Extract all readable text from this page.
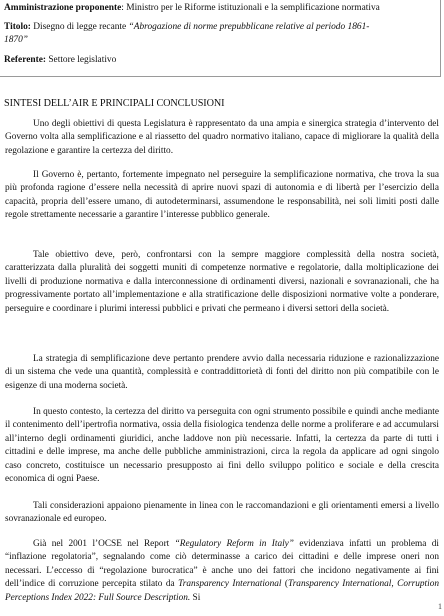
Amministrazione proponente: Ministro per le Riforme istituzionali e la semplificazione normativa

Titolo: Disegno di legge recante “Abrogazione di norme prepubblicane relative al periodo 1861-

1870”

Referente: Settore legislativo

SINTESI DELL’AIR E PRINCIPALI CONCLUSIONI

Uno degli obiettivi di questa Legislatura è rappresentato da una ampia e sinergica strategia d’intervento del Governo volta alla semplificazione e al riassetto del quadro normativo italiano, capace di migliorare la qualità della regolazione e garantire la certezza del diritto.

Il Governo è, pertanto, fortemente impegnato nel perseguire la semplificazione normativa, che trova la sua più profonda ragione d’essere nella necessità di aprire nuovi spazi di autonomia e di libertà per l’esercizio della capacità, propria dell’essere umano, di autodeterminarsi, assumendone le responsabilità, nei soli limiti posti dalle regole strettamente necessarie a garantire l’interesse pubblico generale.

Tale obiettivo deve, però, confrontarsi con la sempre maggiore complessità della nostra società, caratterizzata dalla pluralità dei soggetti muniti di competenze normative e regolatorie, dalla moltiplicazione dei livelli di produzione normativa e dalla interconnessione di ordinamenti diversi, nazionali e sovranazionali, che ha progressivamente portato all’implementazione e alla stratificazione delle disposizioni normative volte a ponderare, perseguire e coordinare i plurimi interessi pubblici e privati che permeano i diversi settori della società.

La strategia di semplificazione deve pertanto prendere avvio dalla necessaria riduzione e razionalizzazione di un sistema che vede una quantità, complessità e contraddittorietà di fonti del diritto non più compatibile con le esigenze di una moderna società.

In questo contesto, la certezza del diritto va perseguita con ogni strumento possibile e quindi anche mediante il contenimento dell’ipertrofia normativa, ossia della fisiologica tendenza delle norme a proliferare e ad accumularsi all’interno degli ordinamenti giuridici, anche laddove non più necessarie. Infatti, la certezza da parte di tutti i cittadini e delle imprese, ma anche delle pubbliche amministrazioni, circa la regola da applicare ad ogni singolo caso concreto, costituisce un necessario presupposto ai fini dello sviluppo politico e sociale e della crescita economica di ogni Paese.

Tali considerazioni appaiono pienamente in linea con le raccomandazioni e gli orientamenti emersi a livello sovranazionale ed europeo.

Già nel 2001 l’OCSE nel Report “Regulatory Reform in Italy” evidenziava infatti un problema di “inflazione regolatoria”, segnalando come ciò determinasse a carico dei cittadini e delle imprese oneri non necessari. L’eccesso di “regolazione burocratica” è anche uno dei fattori che incidono negativamente ai fini dell’indice di corruzione percepita stilato da Transparency International (Transparency International, Corruption Perceptions Index 2022: Full Source Description. Si

1
